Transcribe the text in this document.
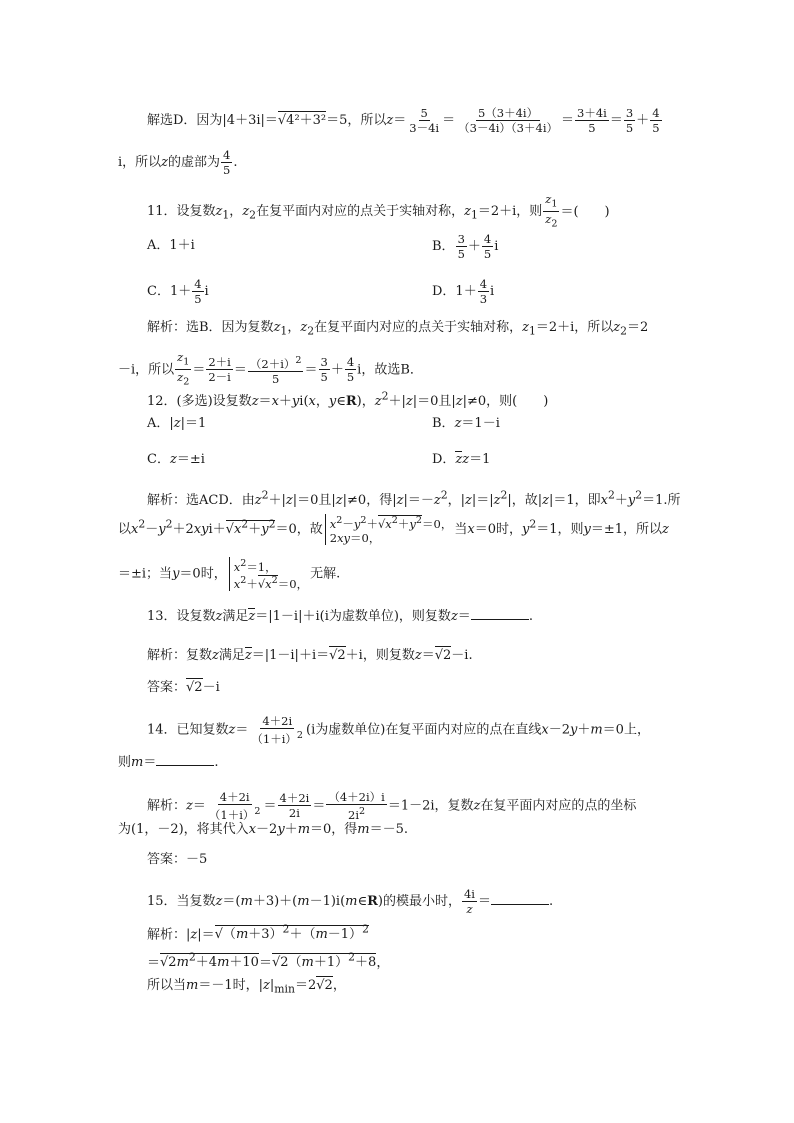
解选D．因为|4＋3i|＝√4²＋3²＝5，所以$z= \frac{5}{3-4i} = \frac{5(3+4i)}{(3-4i)(3+4i)} = \frac{3+4i}{5} = \frac{3}{5} + \frac{4}{5}$
i，所以z的虚部为 $\frac{4}{5}$ .
11．设复数$z_1$，$z_2$在复平面内对应的点关于实轴对称，$z_1=2+i$，则 $\frac{z_1}{z_2}$ ＝(　　)
A．1＋i	B． $\frac{3}{5} + \frac{4}{5}$ i
C．$1+ \frac{4}{5}$ i	D．$1+ \frac{4}{3}$ i
解析：选B．因为复数$z_1$，$z_2$在复平面内对应的点关于实轴对称，$z_1=2+i$，所以$z_2=2$
－i，所以 $\frac{z_1}{z_2} = \frac{2+i}{2-i} = \frac{(2+i)^2}{5} = \frac{3}{5} + \frac{4}{5}$ i，故选B．
12．(多选)设复数z＝x＋yi(x，y∈R)，$z^2+|z|=0$且|z|≠0，则(　　)
A．|z|＝1	B．z＝1－i
C．z＝±i	D．zz＝1
解析：选ACD．由$z^2+|z|=0$且|z|≠0，得$|z|=-z^2$，$|z|=|z^2|$，故|z|＝1，即$x^2+y^2=1$.所
以$x^2-y^2+2xyi+√x^2+y^2=0$，故 $x^2-y^2+√x^2+y^2=0$，
2xy＝0，
当x＝0时，$y^2=1$，则y＝±1，所以z
＝±i；当y＝0时， $x^2=1$，
$x^2+√x^2=0$，
无解.
13．设复数z满足z＝|1－i|＋i(i为虚数单位)，则复数z＝	.
解析：复数z满足z＝|1－i|＋i＝√2＋i，则复数z＝√2－i.
答案：√2－i
14．已知复数$z= \frac{4+2i}{(1+i)^2} (i$为虚数单位)在复平面内对应的点在直线x－2y＋m＝0上，
则m＝	.
解析：$z= \frac{4+2i}{(1+i)^2} = \frac{4+2i}{2i} = \frac{(4+2i)i}{2i^2} =1-2i$，复数z在复平面内对应的点的坐标
为(1，－2)，将其代入x－2y＋m＝0，得m＝－5.
答案：－5
15．当复数z＝(m＋3)＋(m－1)i(m∈R)的模最小时， $\frac{4i}{z}$ ＝	.
解析：$|z|=√(m+3)^2+(m-1)^2$
$=√2m^2+4m+10=√2(m+1)^2+8$，
所以当m＝－1时，$|z|_{min}=2√2$，
